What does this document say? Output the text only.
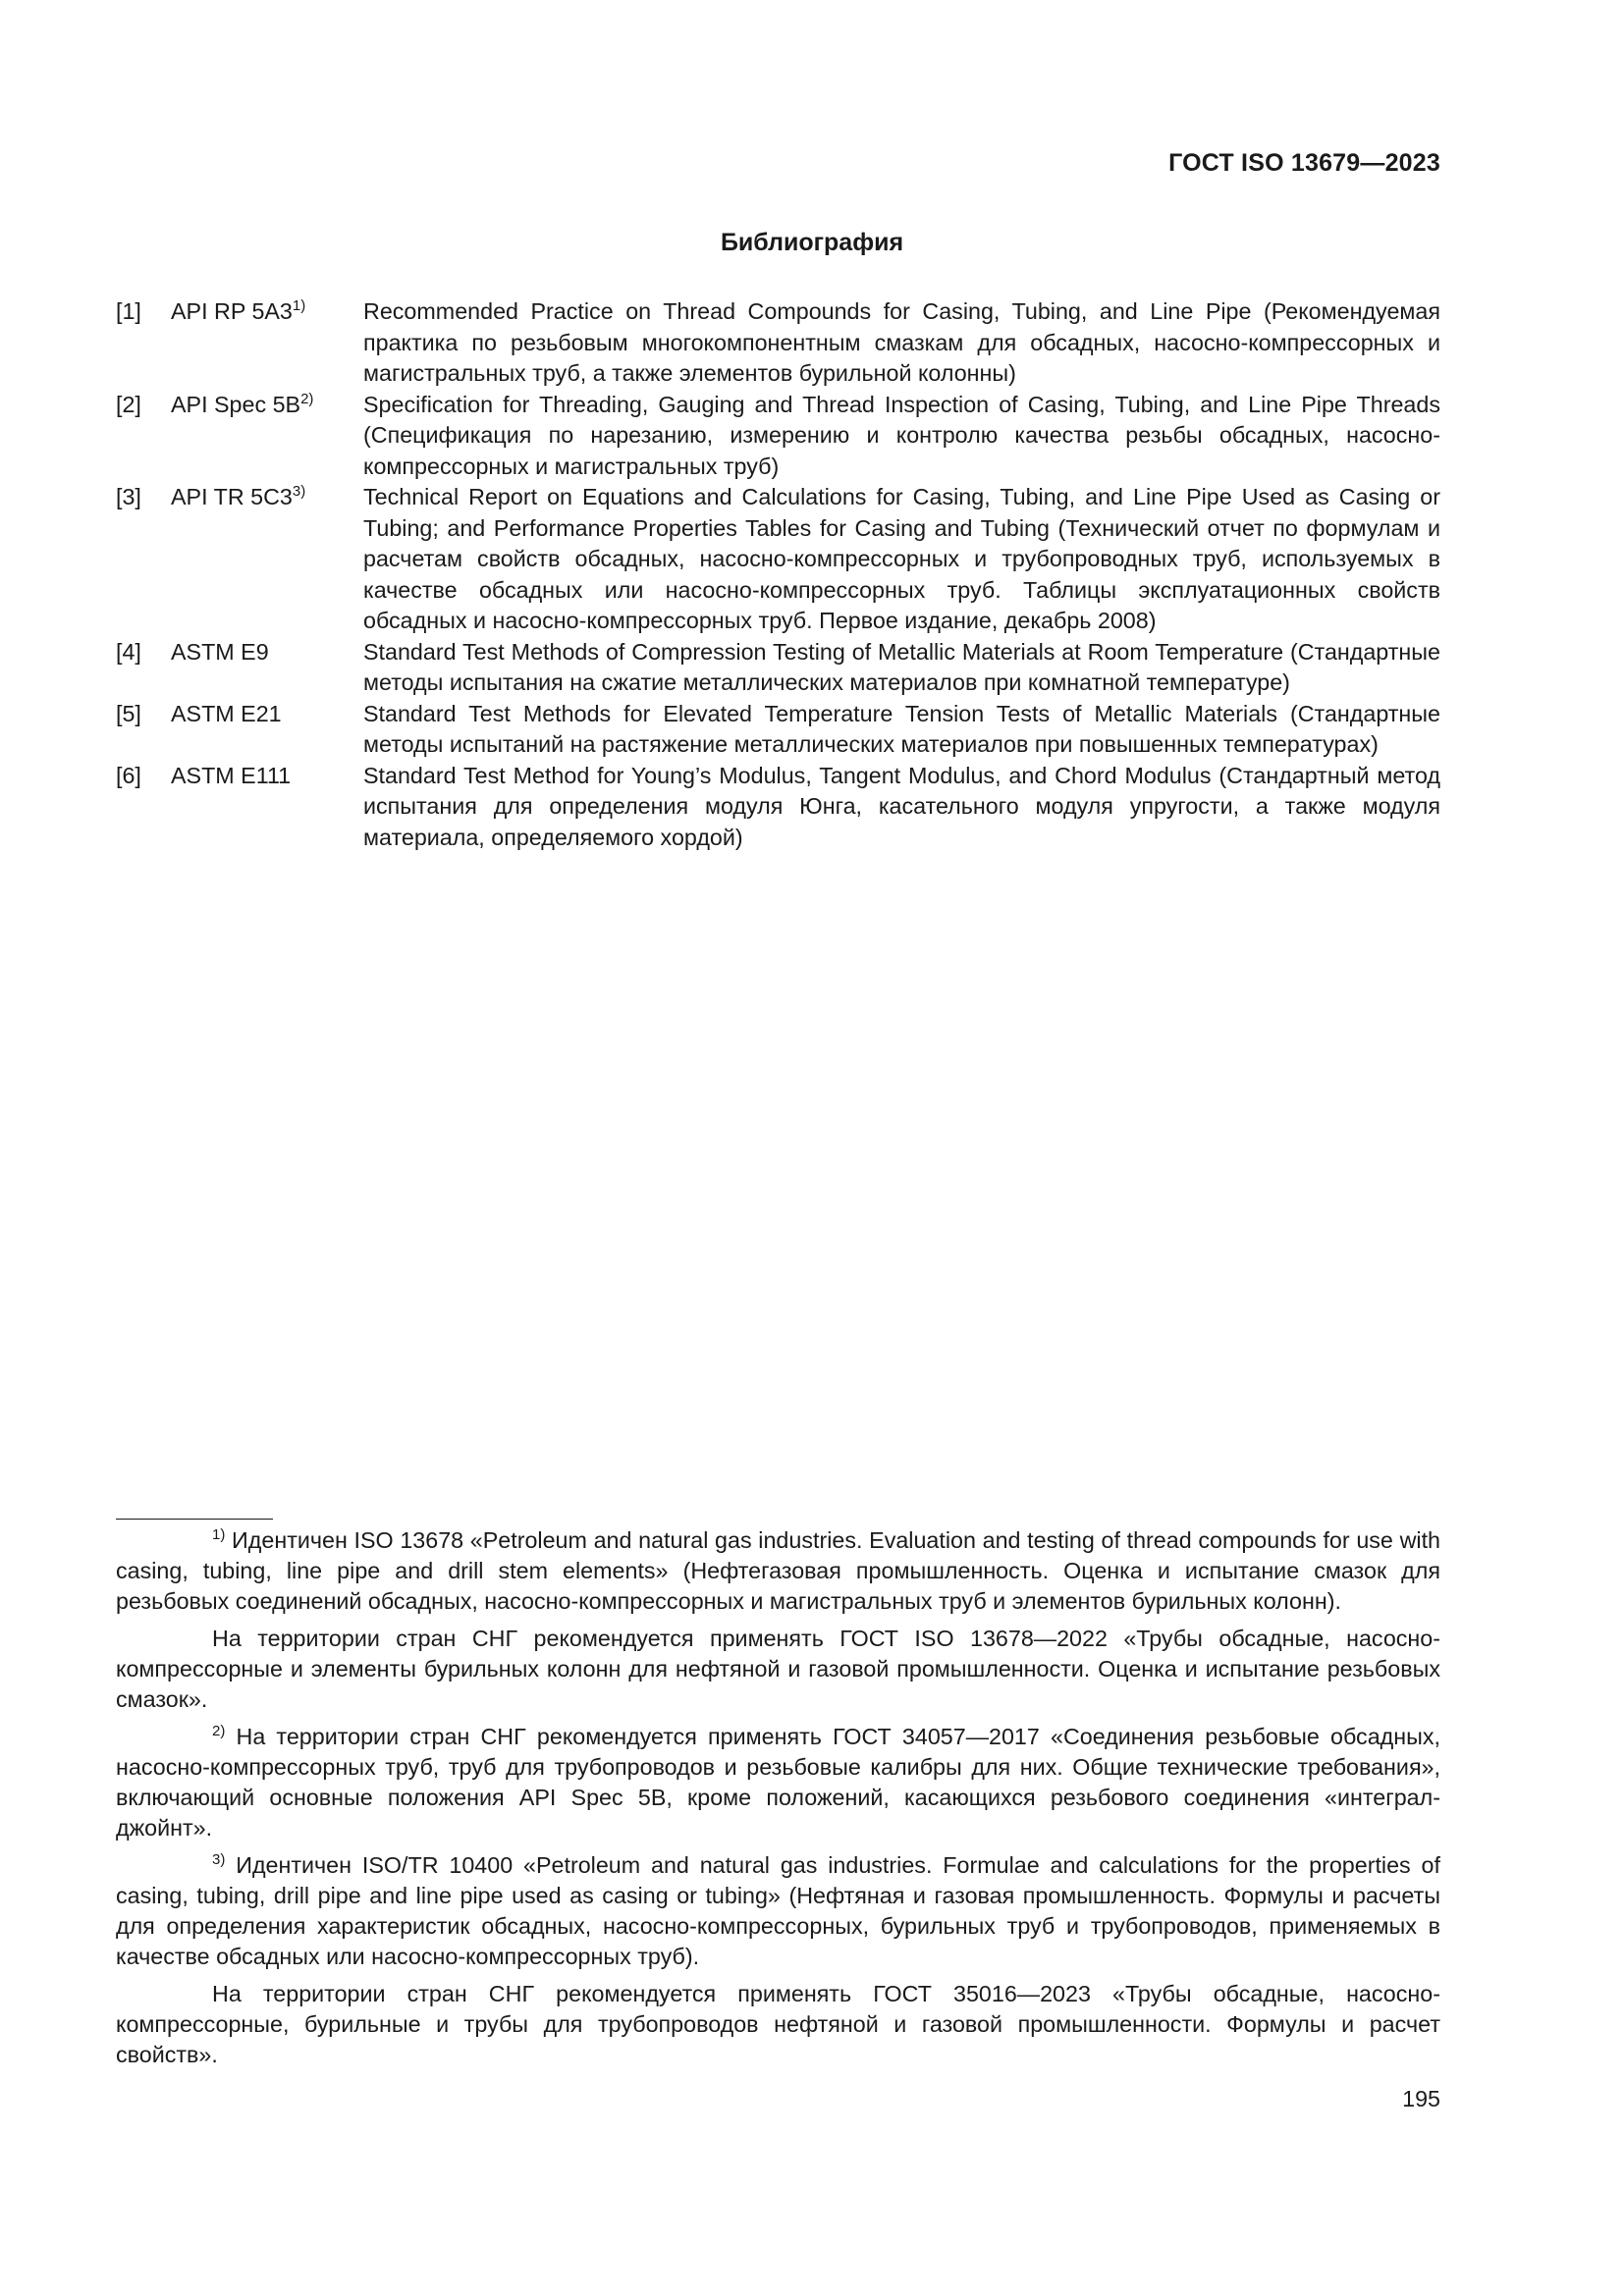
ГОСТ ISO 13679—2023
Библиография
[1]	API RP 5A3$^{1)}$	Recommended Practice on Thread Compounds for Casing, Tubing, and Line Pipe (Рекомендуемая практика по резьбовым многокомпонентным смазкам для обсадных, насосно-компрессорных и магистральных труб, а также элементов бурильной колонны)
[2]	API Spec $5B^{2)}$	Specification for Threading, Gauging and Thread Inspection of Casing, Tubing, and Line Pipe Threads (Спецификация по нарезанию, измерению и контролю качества резьбы обсадных, насосно-компрессорных и магистральных труб)
[3]	API TR 5C3$^{3)}$	Technical Report on Equations and Calculations for Casing, Tubing, and Line Pipe Used as Casing or Tubing; and Performance Properties Tables for Casing and Tubing (Технический отчет по формулам и расчетам свойств обсадных, насосно-компрессорных и трубопроводных труб, используемых в качестве обсадных или насосно-компрессорных труб. Таблицы эксплуатационных свойств обсадных и насосно-компрессорных труб. Первое издание, декабрь 2008)
[4]	ASTM E9	Standard Test Methods of Compression Testing of Metallic Materials at Room Temperature (Стандартные методы испытания на сжатие металлических материалов при комнатной температуре)
[5]	ASTM E21	Standard Test Methods for Elevated Temperature Tension Tests of Metallic Materials (Стандартные методы испытаний на растяжение металлических материалов при повышенных температурах)
[6]	ASTM E111	Standard Test Method for Young’s Modulus, Tangent Modulus, and Chord Modulus (Стандартный метод испытания для определения модуля Юнга, касательного модуля упругости, а также модуля материала, определяемого хордой)

$^{1)}$ Идентичен ISO 13678 «Petroleum and natural gas industries. Evaluation and testing of thread compounds for use with casing, tubing, line pipe and drill stem elements» (Нефтегазовая промышленность. Оценка и испытание смазок для резьбовых соединений обсадных, насосно-компрессорных и магистральных труб и элементов бурильных колонн).

На территории стран СНГ рекомендуется применять ГОСТ ISO 13678—2022 «Трубы обсадные, насосно-компрессорные и элементы бурильных колонн для нефтяной и газовой промышленности. Оценка и испытание резьбовых смазок».

$^{2)}$ На территории стран СНГ рекомендуется применять ГОСТ 34057—2017 «Соединения резьбовые обсадных, насосно-компрессорных труб, труб для трубопроводов и резьбовые калибры для них. Общие технические требования», включающий основные положения API Spec 5B, кроме положений, касающихся резьбового соединения «интеграл-джойнт».

$^{3)}$ Идентичен ISO/TR 10400 «Petroleum and natural gas industries. Formulae and calculations for the properties of casing, tubing, drill pipe and line pipe used as casing or tubing» (Нефтяная и газовая промышленность. Формулы и расчеты для определения характеристик обсадных, насосно-компрессорных, бурильных труб и трубопроводов, применяемых в качестве обсадных или насосно-компрессорных труб).

На территории стран СНГ рекомендуется применять ГОСТ 35016—2023 «Трубы обсадные, насосно-компрессорные, бурильные и трубы для трубопроводов нефтяной и газовой промышленности. Формулы и расчет свойств».

195
